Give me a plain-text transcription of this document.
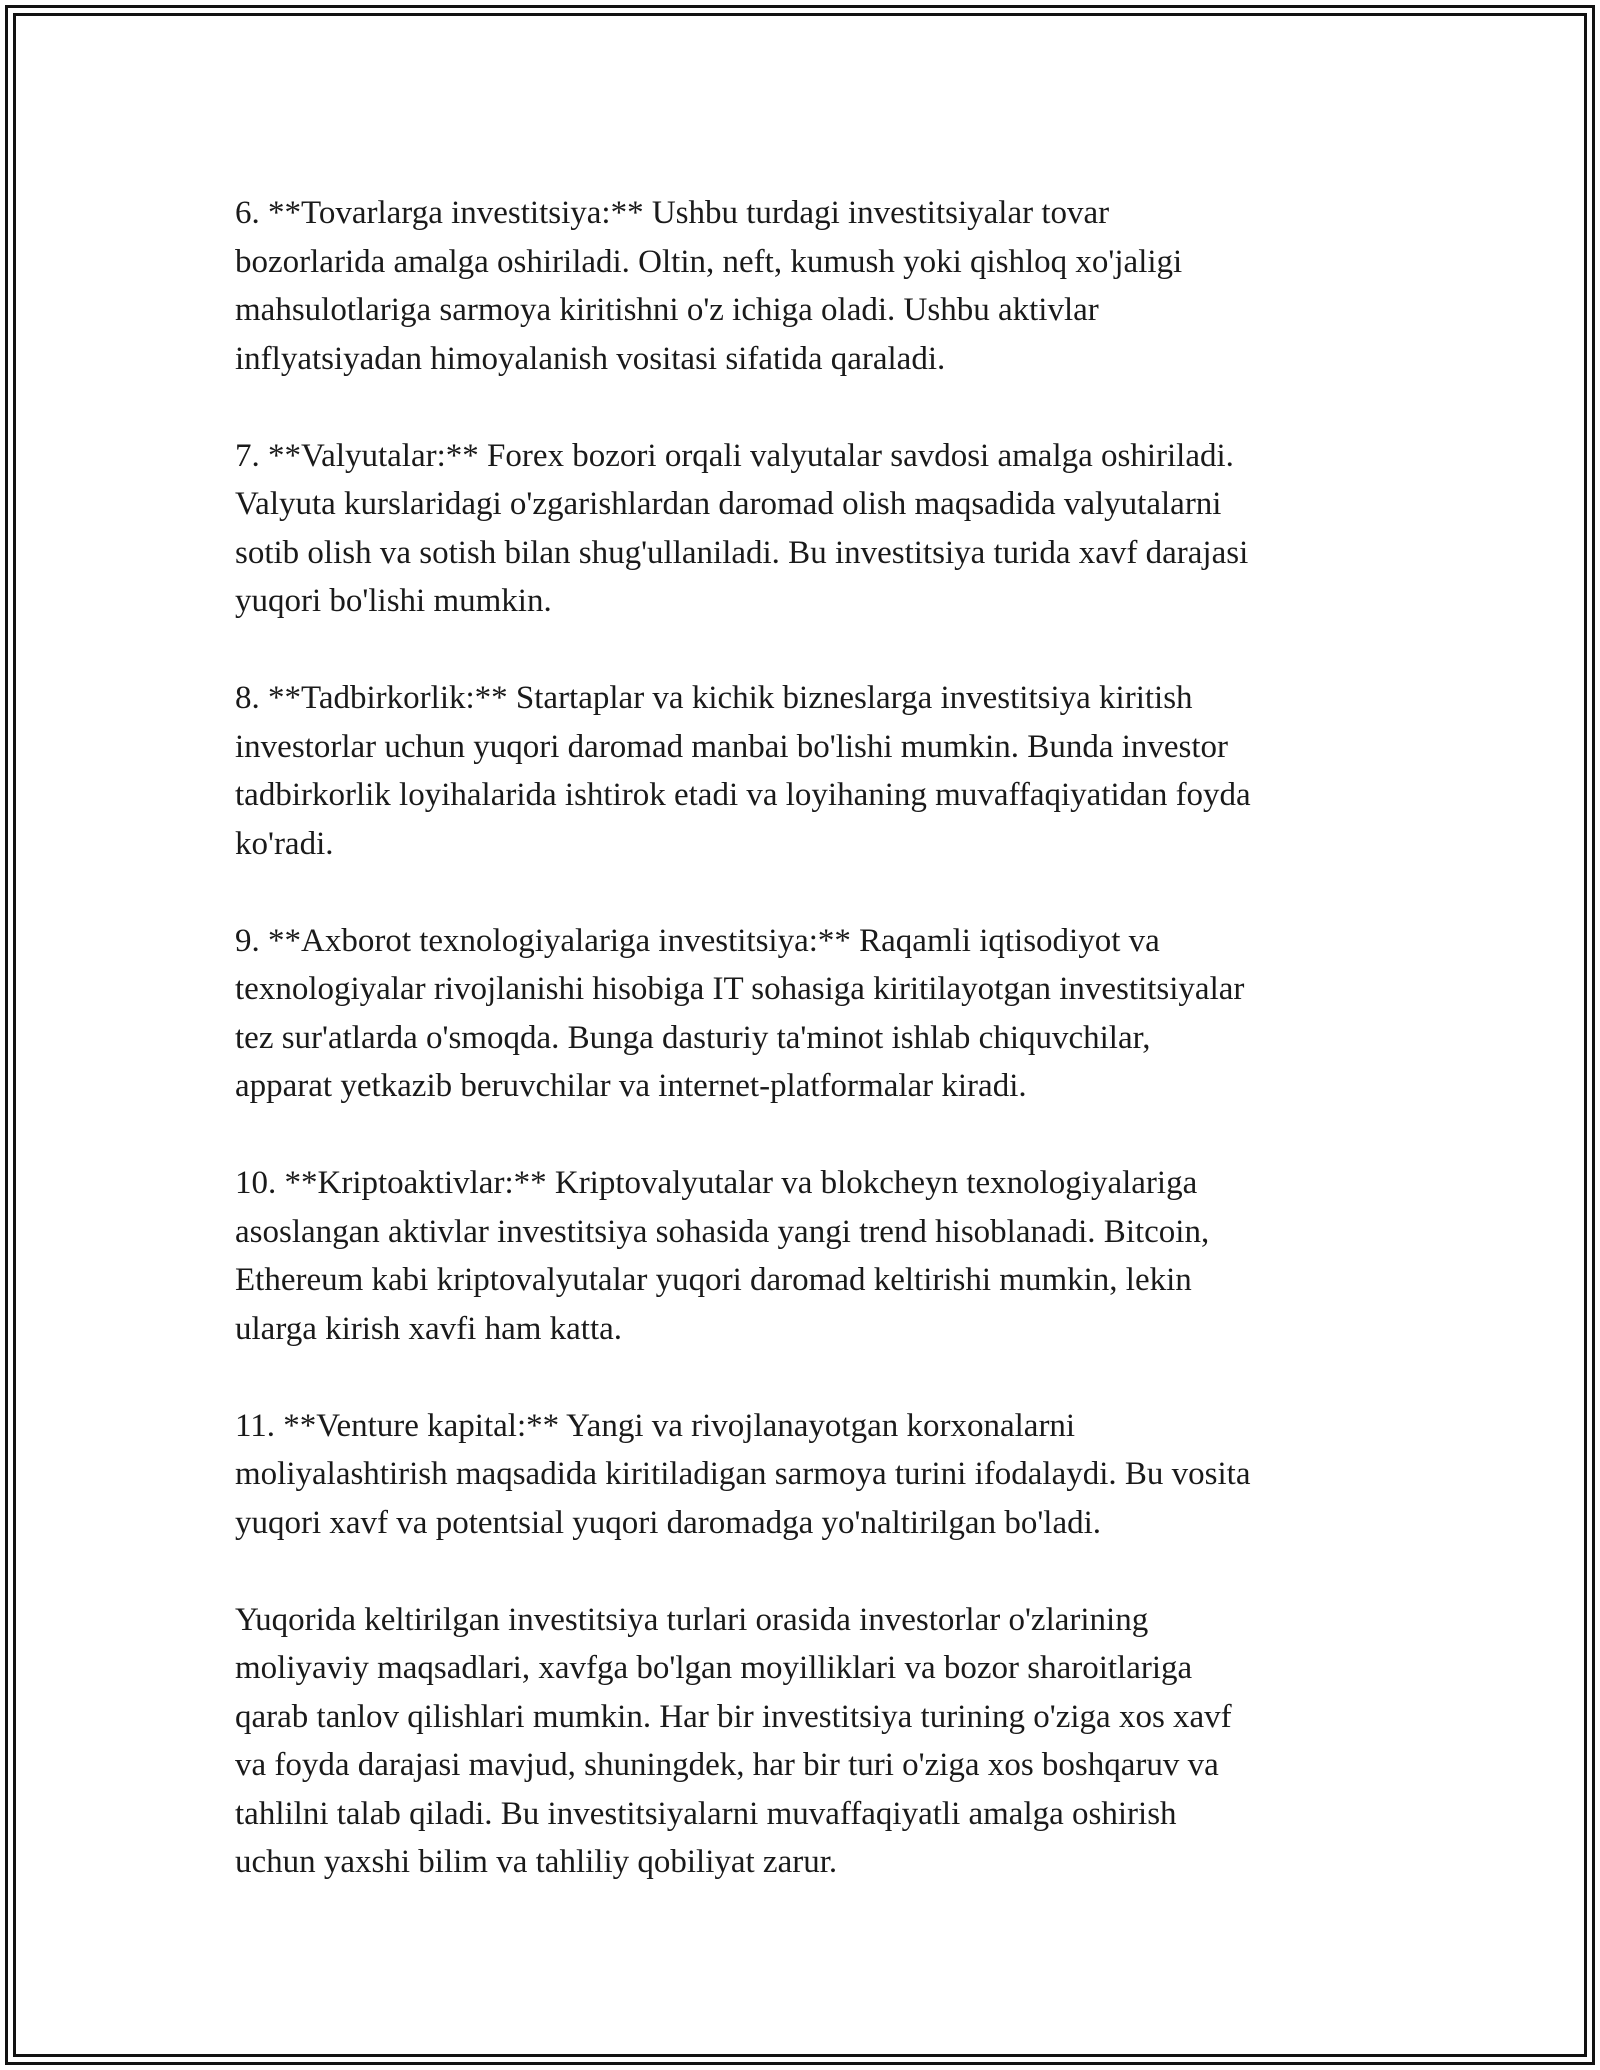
6. **Tovarlarga investitsiya:** Ushbu turdagi investitsiyalar tovar
bozorlarida amalga oshiriladi. Oltin, neft, kumush yoki qishloq xo'jaligi
mahsulotlariga sarmoya kiritishni o'z ichiga oladi. Ushbu aktivlar
inflyatsiyadan himoyalanish vositasi sifatida qaraladi.

7. **Valyutalar:** Forex bozori orqali valyutalar savdosi amalga oshiriladi.
Valyuta kurslaridagi o'zgarishlardan daromad olish maqsadida valyutalarni
sotib olish va sotish bilan shug'ullaniladi. Bu investitsiya turida xavf darajasi
yuqori bo'lishi mumkin.

8. **Tadbirkorlik:** Startaplar va kichik bizneslarga investitsiya kiritish
investorlar uchun yuqori daromad manbai bo'lishi mumkin. Bunda investor
tadbirkorlik loyihalarida ishtirok etadi va loyihaning muvaffaqiyatidan foyda
ko'radi.

9. **Axborot texnologiyalariga investitsiya:** Raqamli iqtisodiyot va
texnologiyalar rivojlanishi hisobiga IT sohasiga kiritilayotgan investitsiyalar
tez sur'atlarda o'smoqda. Bunga dasturiy ta'minot ishlab chiquvchilar,
apparat yetkazib beruvchilar va internet-platformalar kiradi.

10. **Kriptoaktivlar:** Kriptovalyutalar va blokcheyn texnologiyalariga
asoslangan aktivlar investitsiya sohasida yangi trend hisoblanadi. Bitcoin,
Ethereum kabi kriptovalyutalar yuqori daromad keltirishi mumkin, lekin
ularga kirish xavfi ham katta.

11. **Venture kapital:** Yangi va rivojlanayotgan korxonalarni
moliyalashtirish maqsadida kiritiladigan sarmoya turini ifodalaydi. Bu vosita
yuqori xavf va potentsial yuqori daromadga yo'naltirilgan bo'ladi.

Yuqorida keltirilgan investitsiya turlari orasida investorlar o'zlarining
moliyaviy maqsadlari, xavfga bo'lgan moyilliklari va bozor sharoitlariga
qarab tanlov qilishlari mumkin. Har bir investitsiya turining o'ziga xos xavf
va foyda darajasi mavjud, shuningdek, har bir turi o'ziga xos boshqaruv va
tahlilni talab qiladi. Bu investitsiyalarni muvaffaqiyatli amalga oshirish
uchun yaxshi bilim va tahliliy qobiliyat zarur.
